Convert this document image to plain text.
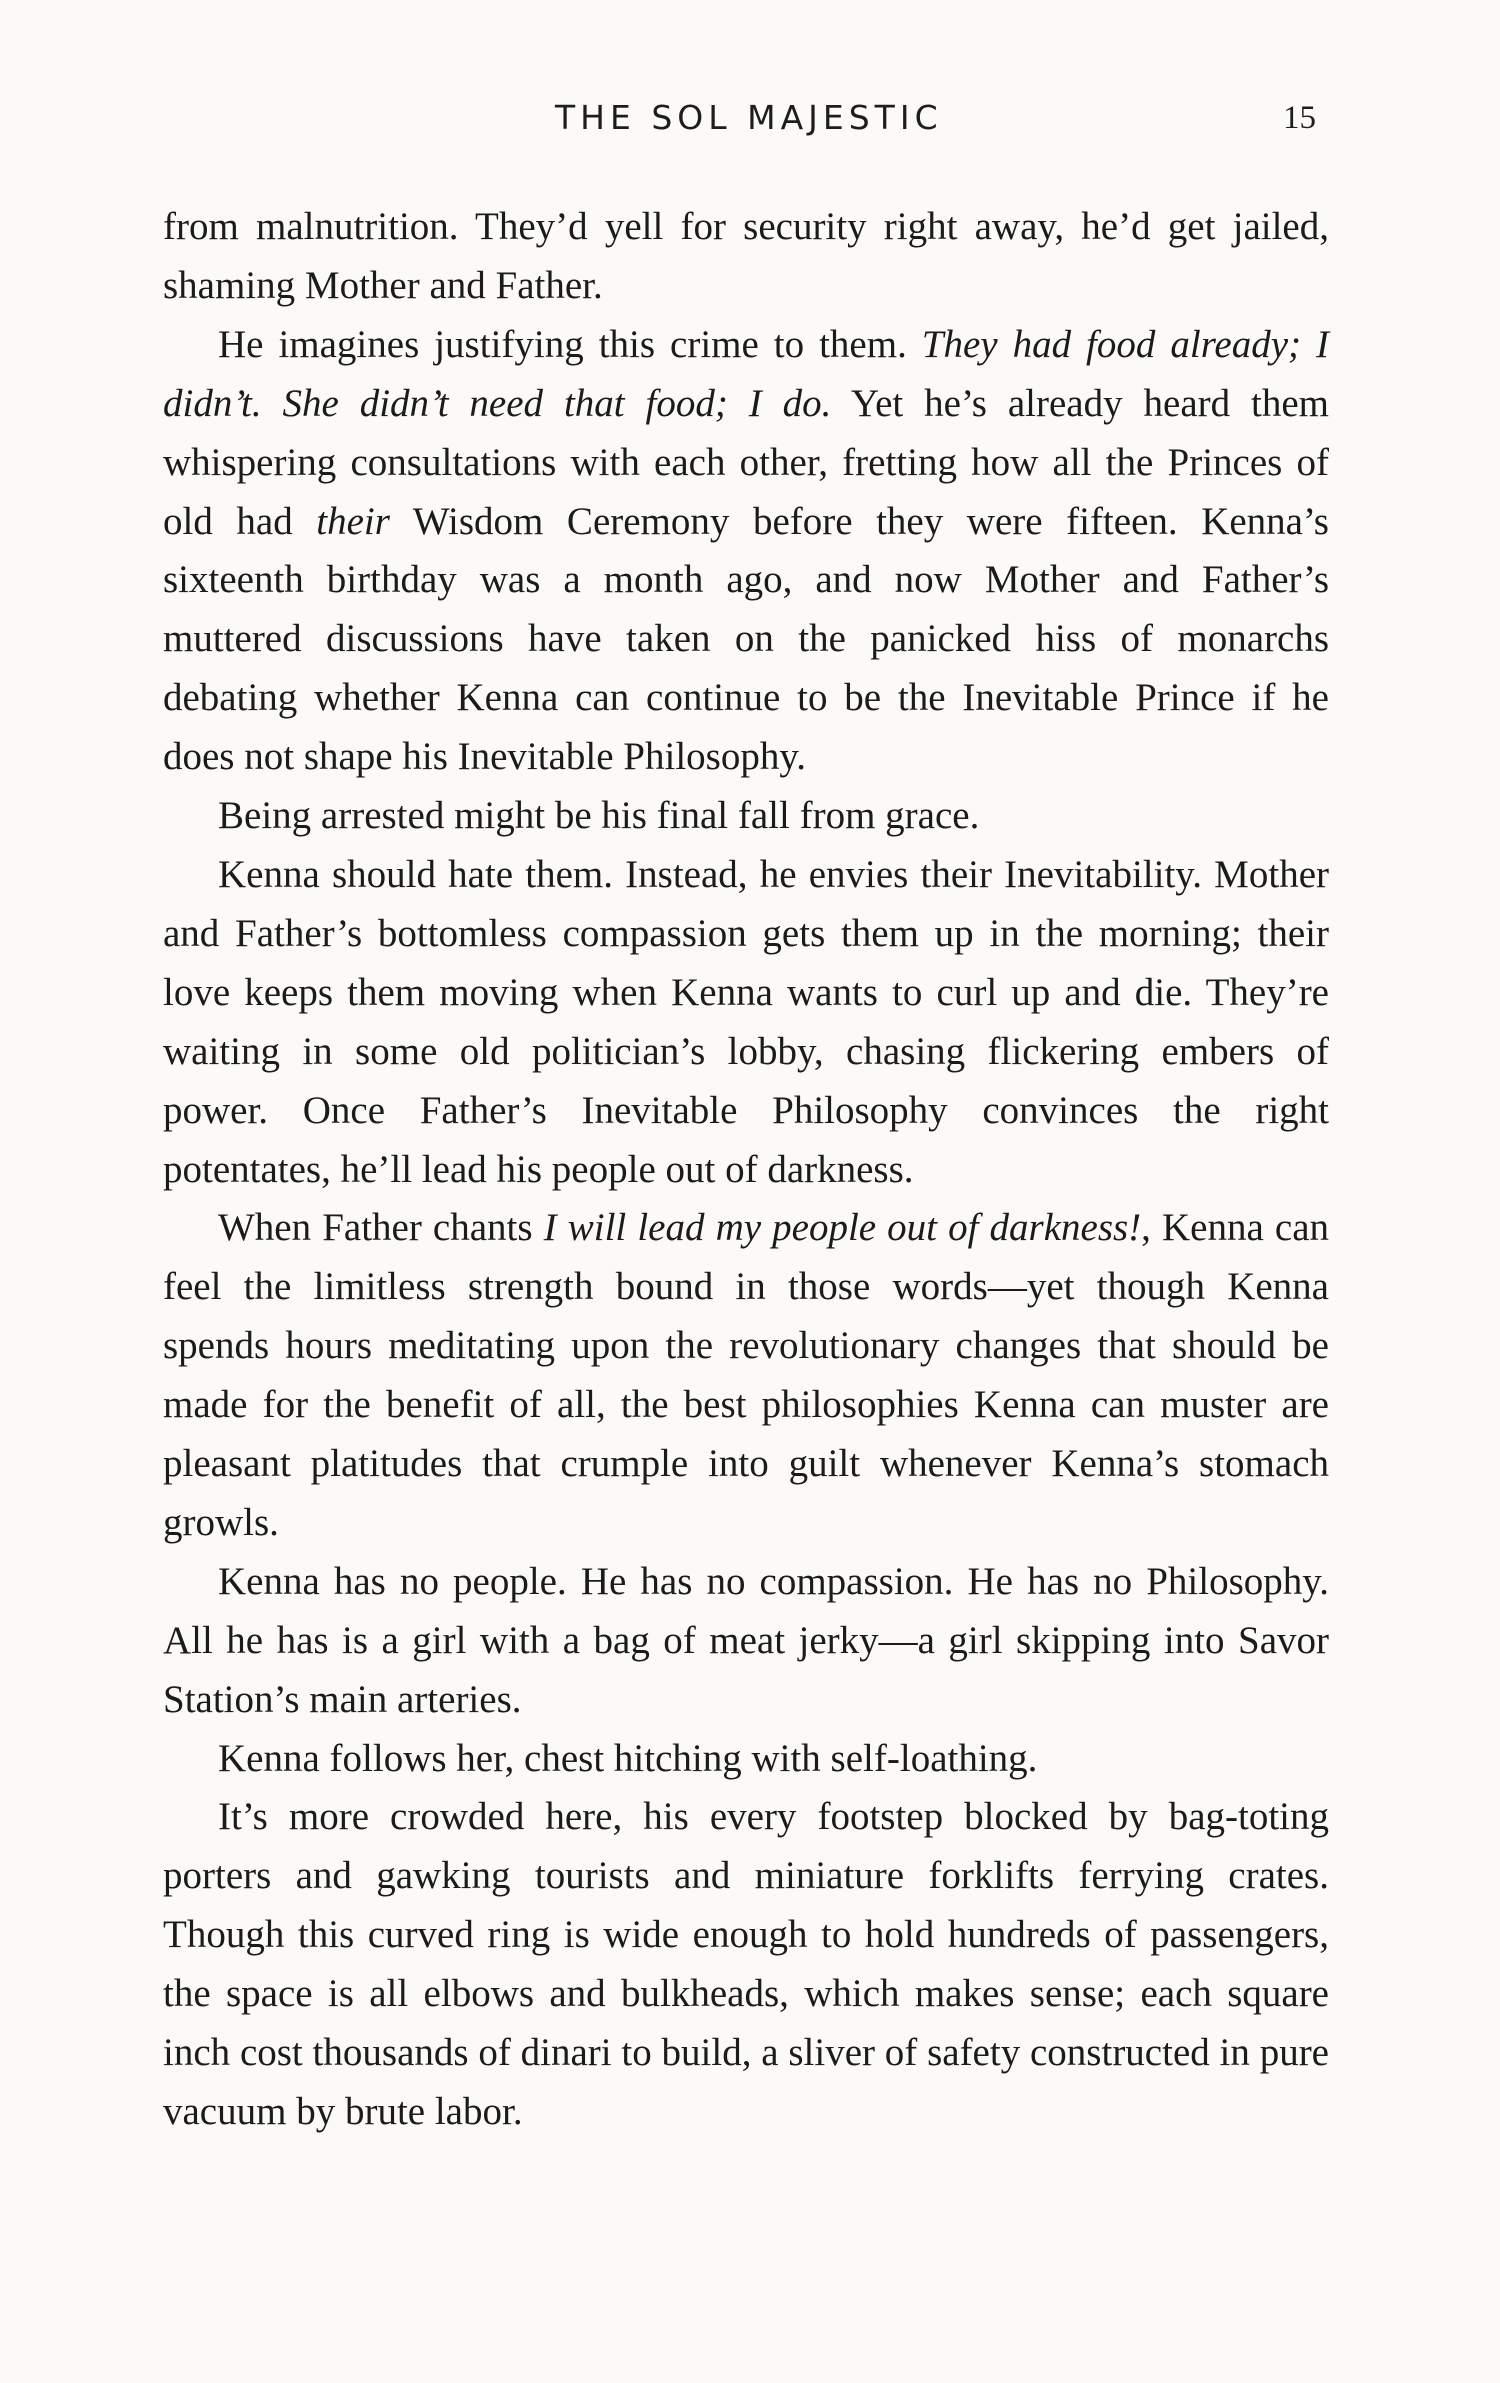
THE SOL MAJESTIC	15

from malnutrition. They’d yell for security right away, he’d get jailed, shaming Mother and Father.

He imagines justifying this crime to them. They had food already; I didn’t. She didn’t need that food; I do. Yet he’s already heard them whispering consultations with each other, fretting how all the Princes of old had their Wisdom Ceremony before they were fifteen. Kenna’s sixteenth birthday was a month ago, and now Mother and Father’s muttered discussions have taken on the panicked hiss of monarchs debating whether Kenna can continue to be the Inevitable Prince if he does not shape his Inevitable Philosophy.

Being arrested might be his final fall from grace.

Kenna should hate them. Instead, he envies their Inevitability. Mother and Father’s bottomless compassion gets them up in the morning; their love keeps them moving when Kenna wants to curl up and die. They’re waiting in some old politician’s lobby, chasing flickering embers of power. Once Father’s Inevitable Philosophy convinces the right potentates, he’ll lead his people out of darkness.

When Father chants I will lead my people out of darkness!, Kenna can feel the limitless strength bound in those words—yet though Kenna spends hours meditating upon the revolutionary changes that should be made for the benefit of all, the best philosophies Kenna can muster are pleasant platitudes that crumple into guilt whenever Kenna’s stomach growls.

Kenna has no people. He has no compassion. He has no Philosophy. All he has is a girl with a bag of meat jerky—a girl skipping into Savor Station’s main arteries.

Kenna follows her, chest hitching with self-loathing.

It’s more crowded here, his every footstep blocked by bag-toting porters and gawking tourists and miniature forklifts ferrying crates. Though this curved ring is wide enough to hold hundreds of passengers, the space is all elbows and bulkheads, which makes sense; each square inch cost thousands of dinari to build, a sliver of safety constructed in pure vacuum by brute labor.
